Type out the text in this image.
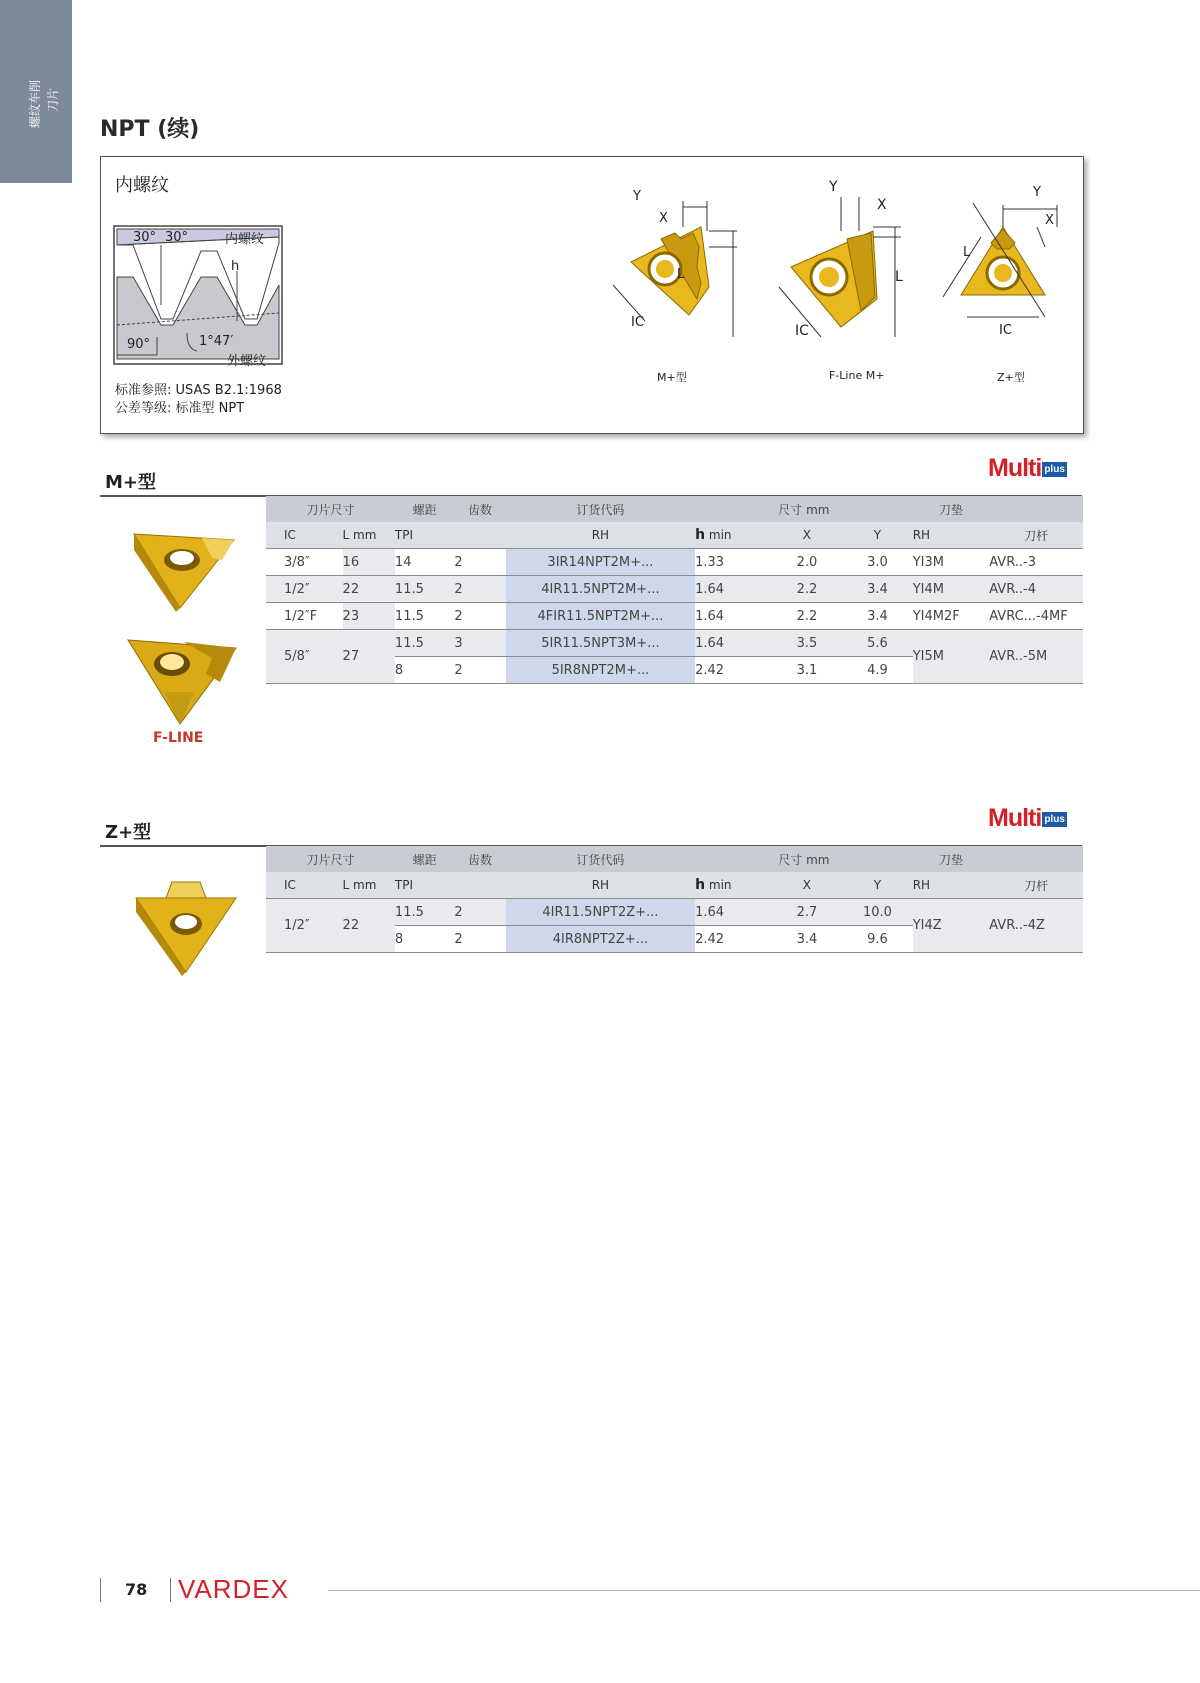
螺纹车削 刀片
NPT (续)
内螺纹
30° 30°	内螺纹
h
90°	1°47′
外螺纹
标准参照: USAS B2.1:1968
公差等级: 标准型 NPT
Y
X
L
IC
M+型
Y
X
L
IC
F-Line M+
Y
X
L
IC
Z+型
M+型
Multi plus
F-LINE
刀片尺寸		螺距	齿数	订货代码	尺寸 mm			刀垫	
IC	L mm	TPI		RH	h min	X	Y	RH	刀杆
3/8″	16	14	2	3IR14NPT2M+...	1.33	2.0	3.0	YI3M	AVR..-3
1/2″	22	11.5	2	4IR11.5NPT2M+...	1.64	2.2	3.4	YI4M	AVR..-4
1/2″F	23	11.5	2	4FIR11.5NPT2M+...	1.64	2.2	3.4	YI4M2F	AVRC...-4MF
5/8″	27	11.5	3	5IR11.5NPT3M+...	1.64	3.5	5.6	YI5M	AVR..-5M
		8	2	5IR8NPT2M+...	2.42	3.1	4.9		
Z+型
Multi plus
刀片尺寸		螺距	齿数	订货代码	尺寸 mm			刀垫	
IC	L mm	TPI		RH	h min	X	Y	RH	刀杆
1/2″	22	11.5	2	4IR11.5NPT2Z+...	1.64	2.7	10.0	YI4Z	AVR..-4Z
		8	2	4IR8NPT2Z+...	2.42	3.4	9.6		
78 VARDEX
